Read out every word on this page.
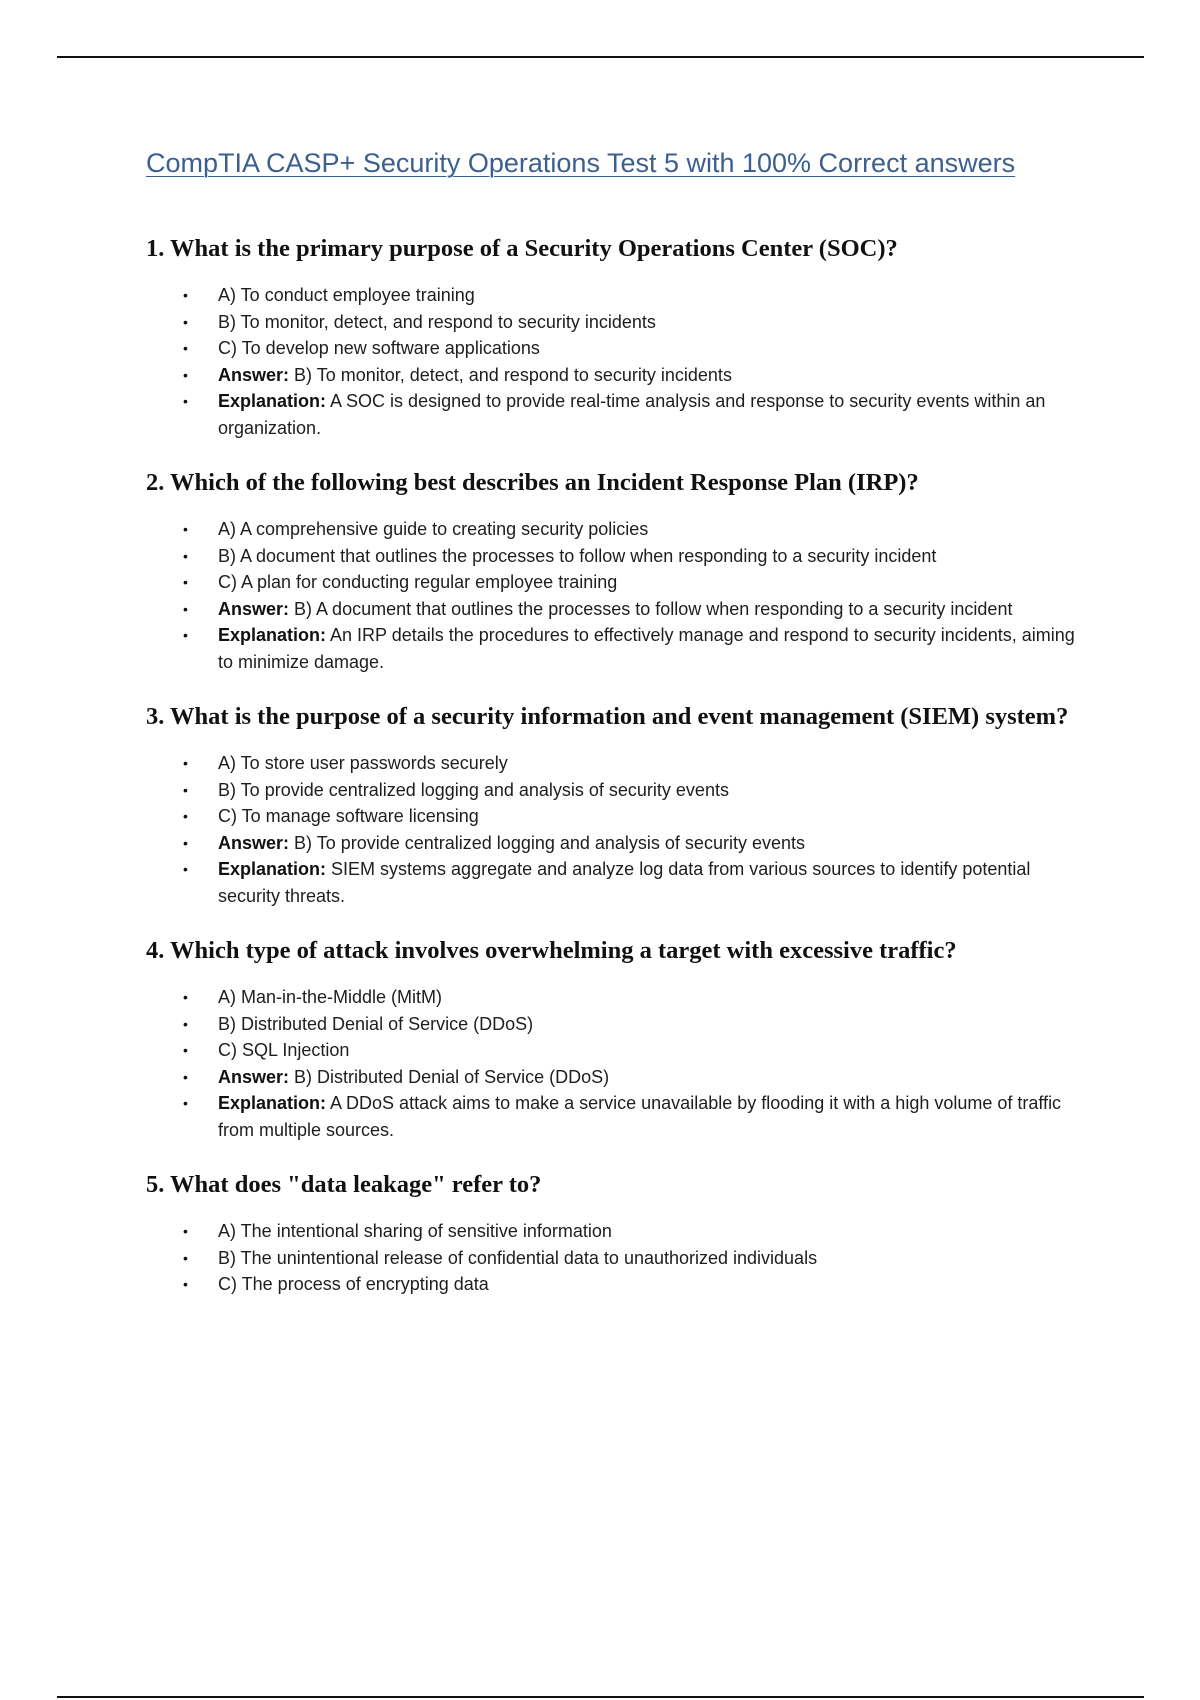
CompTIA CASP+ Security Operations Test 5 with 100% Correct answers
1. What is the primary purpose of a Security Operations Center (SOC)?
• A) To conduct employee training
• B) To monitor, detect, and respond to security incidents
• C) To develop new software applications
• Answer: B) To monitor, detect, and respond to security incidents
• Explanation: A SOC is designed to provide real-time analysis and response to security events within an organization.
2. Which of the following best describes an Incident Response Plan (IRP)?
• A) A comprehensive guide to creating security policies
• B) A document that outlines the processes to follow when responding to a security incident
• C) A plan for conducting regular employee training
• Answer: B) A document that outlines the processes to follow when responding to a security incident
• Explanation: An IRP details the procedures to effectively manage and respond to security incidents, aiming to minimize damage.
3. What is the purpose of a security information and event management (SIEM) system?
• A) To store user passwords securely
• B) To provide centralized logging and analysis of security events
• C) To manage software licensing
• Answer: B) To provide centralized logging and analysis of security events
• Explanation: SIEM systems aggregate and analyze log data from various sources to identify potential security threats.
4. Which type of attack involves overwhelming a target with excessive traffic?
• A) Man-in-the-Middle (MitM)
• B) Distributed Denial of Service (DDoS)
• C) SQL Injection
• Answer: B) Distributed Denial of Service (DDoS)
• Explanation: A DDoS attack aims to make a service unavailable by flooding it with a high volume of traffic from multiple sources.
5. What does "data leakage" refer to?
• A) The intentional sharing of sensitive information
• B) The unintentional release of confidential data to unauthorized individuals
• C) The process of encrypting data
